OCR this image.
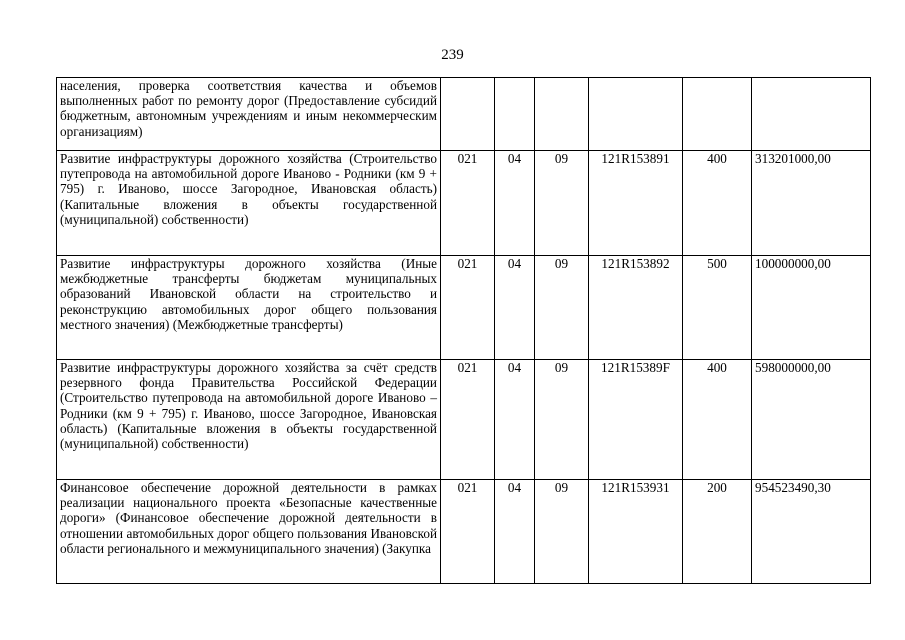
239
населения, проверка соответствия качества и объемов выполненных работ по ремонту дорог (Предоставление субсидий бюджетным, автономным учреждениям и иным некоммерческим организациям)						
Развитие инфраструктуры дорожного хозяйства (Строительство путепровода на автомобильной дороге Иваново - Родники (км 9 + 795) г. Иваново, шоссе Загородное, Ивановская область) (Капитальные вложения в объекты государственной (муниципальной) собственности)	021	04	09	121R153891	400	313201000,00
Развитие инфраструктуры дорожного хозяйства (Иные межбюджетные трансферты бюджетам муниципальных образований Ивановской области на строительство и реконструкцию автомобильных дорог общего пользования местного значения) (Межбюджетные трансферты)	021	04	09	121R153892	500	100000000,00
Развитие инфраструктуры дорожного хозяйства за счёт средств резервного фонда Правительства Российской Федерации (Строительство путепровода на автомобильной дороге Иваново – Родники (км 9 + 795) г. Иваново, шоссе Загородное, Ивановская область) (Капитальные вложения в объекты государственной (муниципальной) собственности)	021	04	09	121R15389F	400	598000000,00
Финансовое обеспечение дорожной деятельности в рамках реализации национального проекта «Безопасные качественные дороги» (Финансовое обеспечение дорожной деятельности в отношении автомобильных дорог общего пользования Ивановской области регионального и межмуниципального значения) (Закупка	021	04	09	121R153931	200	954523490,30
